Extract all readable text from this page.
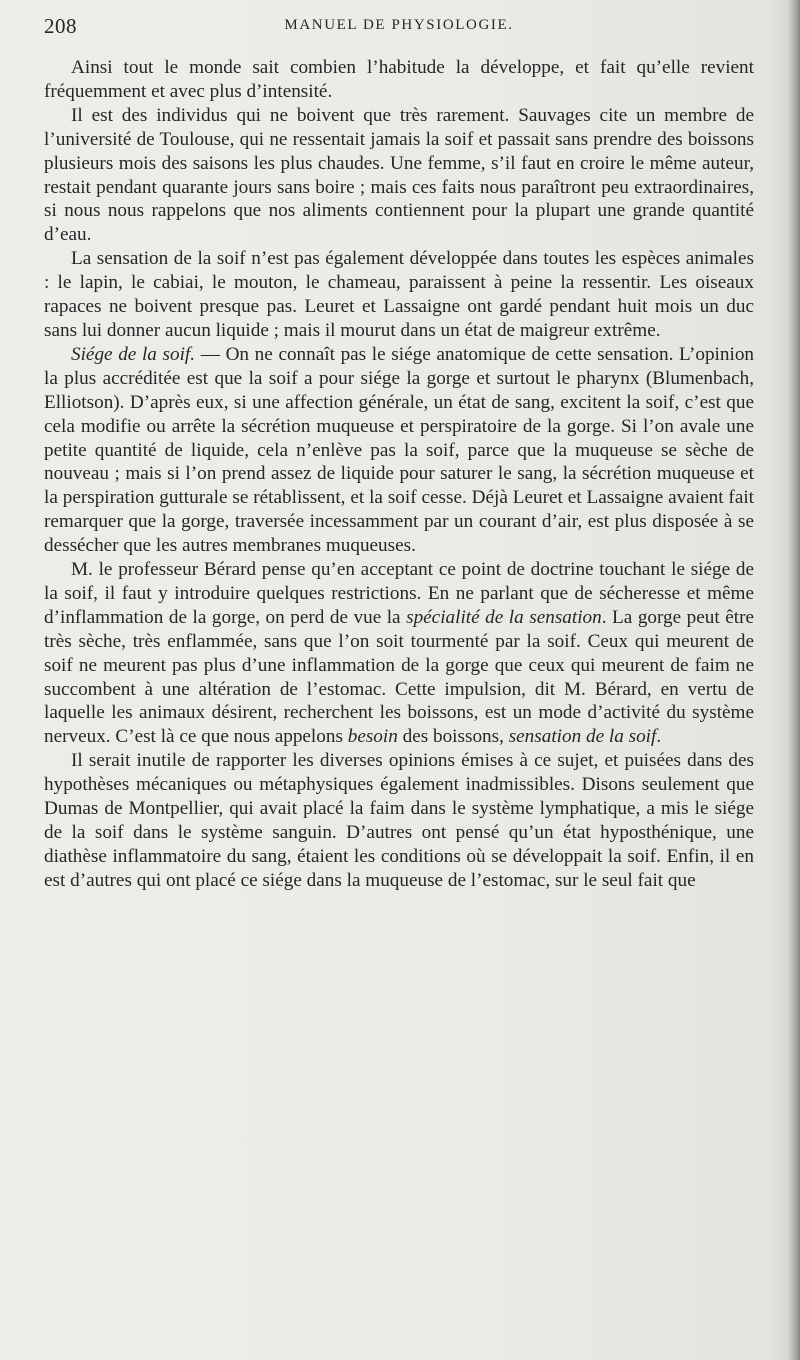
208	MANUEL DE PHYSIOLOGIE.

Ainsi tout le monde sait combien l’habitude la développe, et fait qu’elle revient fréquemment et avec plus d’intensité.

Il est des individus qui ne boivent que très rarement. Sauvages cite un membre de l’université de Toulouse, qui ne ressentait jamais la soif et passait sans prendre des boissons plusieurs mois des saisons les plus chaudes. Une femme, s’il faut en croire le même auteur, restait pendant quarante jours sans boire ; mais ces faits nous paraîtront peu extraordinaires, si nous nous rappelons que nos aliments contiennent pour la plupart une grande quantité d’eau.

La sensation de la soif n’est pas également développée dans toutes les espèces animales : le lapin, le cabiai, le mouton, le chameau, paraissent à peine la ressentir. Les oiseaux rapaces ne boivent presque pas. Leuret et Lassaigne ont gardé pendant huit mois un duc sans lui donner aucun liquide ; mais il mourut dans un état de maigreur extrême.

Siége de la soif. — On ne connaît pas le siége anatomique de cette sensation. L’opinion la plus accréditée est que la soif a pour siége la gorge et surtout le pharynx (Blumenbach, Elliotson). D’après eux, si une affection générale, un état de sang, excitent la soif, c’est que cela modifie ou arrête la sécrétion muqueuse et perspiratoire de la gorge. Si l’on avale une petite quantité de liquide, cela n’enlève pas la soif, parce que la muqueuse se sèche de nouveau ; mais si l’on prend assez de liquide pour saturer le sang, la sécrétion muqueuse et la perspiration gutturale se rétablissent, et la soif cesse. Déjà Leuret et Lassaigne avaient fait remarquer que la gorge, traversée incessamment par un courant d’air, est plus disposée à se dessécher que les autres membranes muqueuses.

M. le professeur Bérard pense qu’en acceptant ce point de doctrine touchant le siége de la soif, il faut y introduire quelques restrictions. En ne parlant que de sécheresse et même d’inflammation de la gorge, on perd de vue la spécialité de la sensation. La gorge peut être très sèche, très enflammée, sans que l’on soit tourmenté par la soif. Ceux qui meurent de soif ne meurent pas plus d’une inflammation de la gorge que ceux qui meurent de faim ne succombent à une altération de l’estomac. Cette impulsion, dit M. Bérard, en vertu de laquelle les animaux désirent, recherchent les boissons, est un mode d’activité du système nerveux. C’est là ce que nous appelons besoin des boissons, sensation de la soif.

Il serait inutile de rapporter les diverses opinions émises à ce sujet, et puisées dans des hypothèses mécaniques ou métaphysiques également inadmissibles. Disons seulement que Dumas de Montpellier, qui avait placé la faim dans le système lymphatique, a mis le siége de la soif dans le système sanguin. D’autres ont pensé qu’un état hyposthénique, une diathèse inflammatoire du sang, étaient les conditions où se développait la soif. Enfin, il en est d’autres qui ont placé ce siége dans la muqueuse de l’estomac, sur le seul fait que
